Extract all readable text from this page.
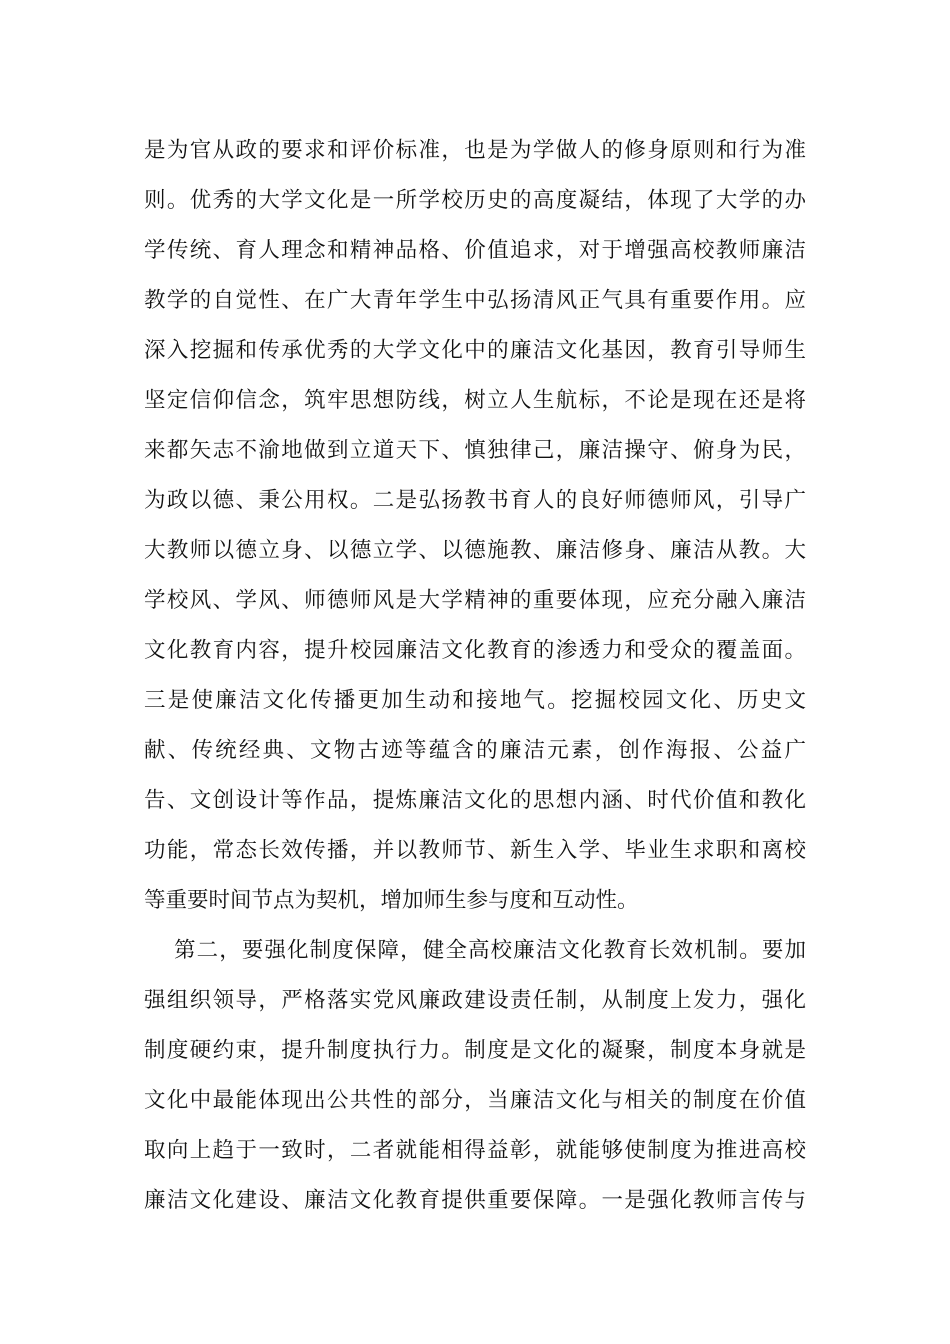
是为官从政的要求和评价标准，也是为学做人的修身原则和行为准
则。优秀的大学文化是一所学校历史的高度凝结，体现了大学的办
学传统、育人理念和精神品格、价值追求，对于增强高校教师廉洁
教学的自觉性、在广大青年学生中弘扬清风正气具有重要作用。应
深入挖掘和传承优秀的大学文化中的廉洁文化基因，教育引导师生
坚定信仰信念，筑牢思想防线，树立人生航标，不论是现在还是将
来都矢志不渝地做到立道天下、慎独律己，廉洁操守、俯身为民，
为政以德、秉公用权。二是弘扬教书育人的良好师德师风，引导广
大教师以德立身、以德立学、以德施教、廉洁修身、廉洁从教。大
学校风、学风、师德师风是大学精神的重要体现，应充分融入廉洁
文化教育内容，提升校园廉洁文化教育的渗透力和受众的覆盖面。
三是使廉洁文化传播更加生动和接地气。挖掘校园文化、历史文
献、传统经典、文物古迹等蕴含的廉洁元素，创作海报、公益广
告、文创设计等作品，提炼廉洁文化的思想内涵、时代价值和教化
功能，常态长效传播，并以教师节、新生入学、毕业生求职和离校
等重要时间节点为契机，增加师生参与度和互动性。
第二，要强化制度保障，健全高校廉洁文化教育长效机制。要加
强组织领导，严格落实党风廉政建设责任制，从制度上发力，强化
制度硬约束，提升制度执行力。制度是文化的凝聚，制度本身就是
文化中最能体现出公共性的部分，当廉洁文化与相关的制度在价值
取向上趋于一致时，二者就能相得益彰，就能够使制度为推进高校
廉洁文化建设、廉洁文化教育提供重要保障。一是强化教师言传与
